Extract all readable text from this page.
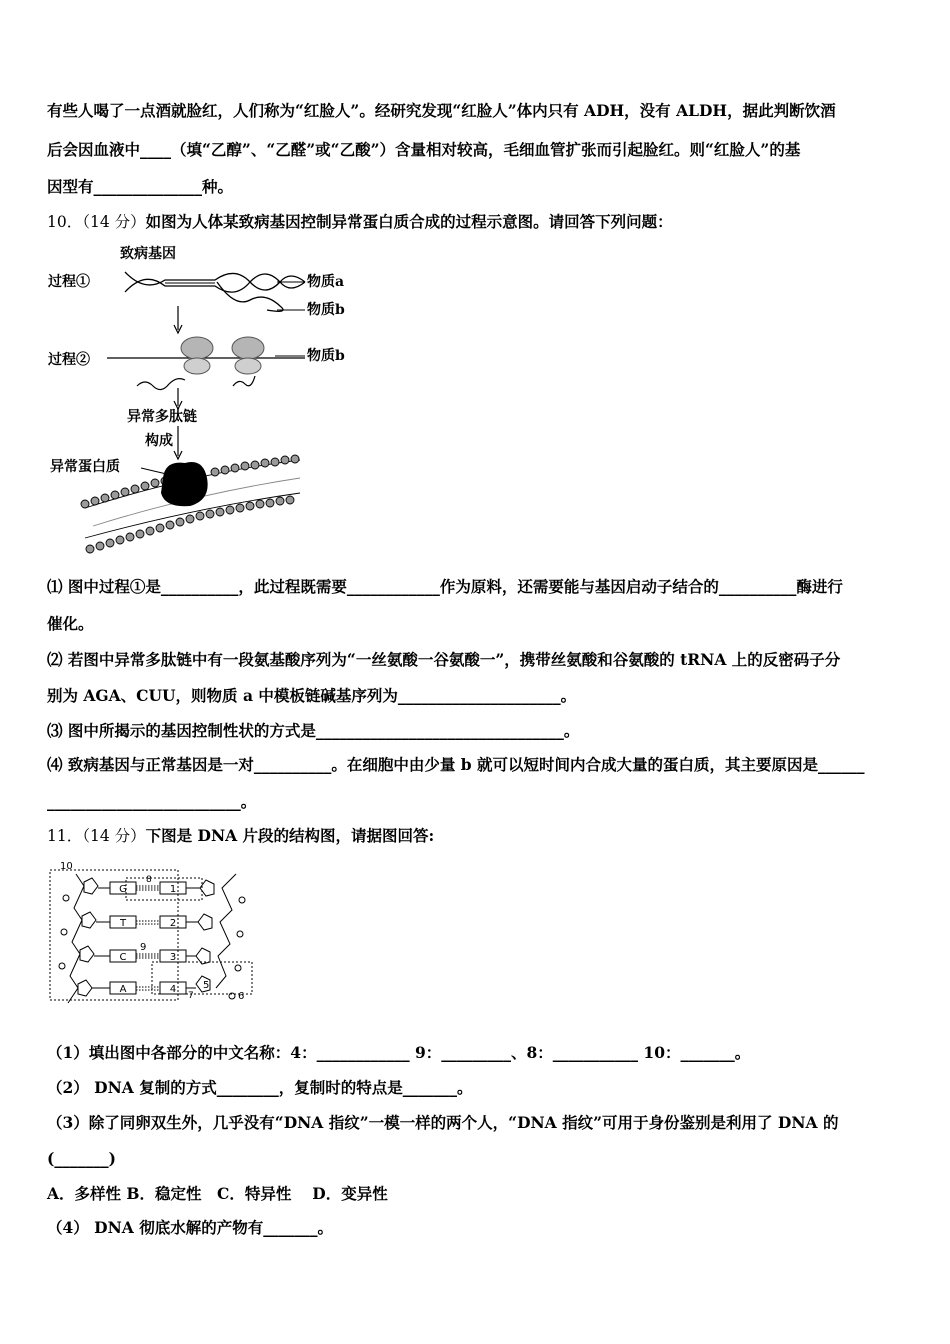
有些人喝了一点酒就脸红，人们称为“红脸人”。经研究发现“红脸人”体内只有 ADH，没有 ALDH，据此判断饮酒
后会因血液中____（填“乙醇”、“乙醛”或“乙酸”）含量相对较高，毛细血管扩张而引起脸红。则“红脸人”的基
因型有______________种。
10．（14 分）如图为人体某致病基因控制异常蛋白质合成的过程示意图。请回答下列问题：
致病基因
过程①	物质a
物质b
过程②	物质b
异常多肽链
构成
异常蛋白质
⑴ 图中过程①是__________，此过程既需要____________作为原料，还需要能与基因启动子结合的__________酶进行
催化。
⑵ 若图中异常多肽链中有一段氨基酸序列为“一丝氨酸一谷氨酸一”，携带丝氨酸和谷氨酸的 tRNA 上的反密码子分
别为 AGA、CUU，则物质 a 中模板链碱基序列为_____________________。
⑶ 图中所揭示的基因控制性状的方式是________________________________。
⑷ 致病基因与正常基因是一对__________。在细胞中由少量 b 就可以短时间内合成大量的蛋白质，其主要原因是______
_________________________。
11．（14 分）下图是 DNA 片段的结构图，请据图回答:
10
8
7
G
T
C
A
1
2
3
4
9
5
6
（1）填出图中各部分的中文名称：4：____________ 9：_________、8：___________ 10：_______。
（2） DNA 复制的方式________，复制时的特点是_______。
（3）除了同卵双生外，几乎没有“DNA 指纹”一模一样的两个人，“DNA 指纹”可用于身份鉴别是利用了 DNA 的
(_______)
A．多样性 B．稳定性　C．特异性　 D．变异性
（4） DNA 彻底水解的产物有_______。
